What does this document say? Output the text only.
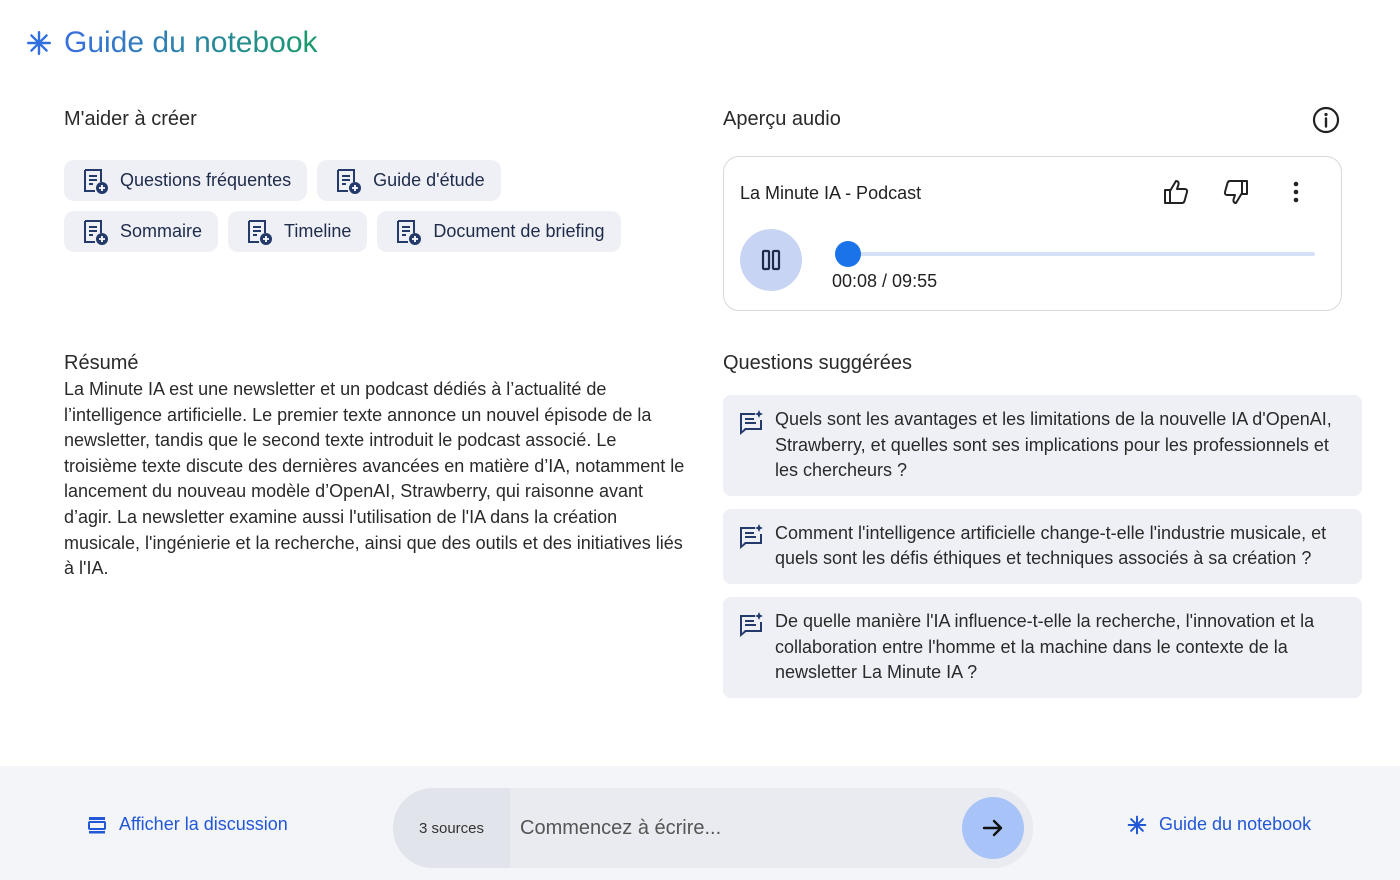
Guide du notebook
M'aider à créer
Questions fréquentes	Guide d'étude
Sommaire	Timeline	Document de briefing
Aperçu audio
La Minute IA - Podcast
00:08 / 09:55
Résumé
La Minute IA est une newsletter et un podcast dédiés à l’actualité de l’intelligence artificielle. Le premier texte annonce un nouvel épisode de la newsletter, tandis que le second texte introduit le podcast associé. Le troisième texte discute des dernières avancées en matière d’IA, notamment le lancement du nouveau modèle d’OpenAI, Strawberry, qui raisonne avant d’agir. La newsletter examine aussi l'utilisation de l'IA dans la création musicale, l'ingénierie et la recherche, ainsi que des outils et des initiatives liés à l'IA.
Questions suggérées
Quels sont les avantages et les limitations de la nouvelle IA d'OpenAI, Strawberry, et quelles sont ses implications pour les professionnels et les chercheurs ?
Comment l'intelligence artificielle change-t-elle l'industrie musicale, et quels sont les défis éthiques et techniques associés à sa création ?
De quelle manière l'IA influence-t-elle la recherche, l'innovation et la collaboration entre l'homme et la machine dans le contexte de la newsletter La Minute IA ?
Afficher la discussion	3 sources
Commencez à écrire...	Guide du notebook
